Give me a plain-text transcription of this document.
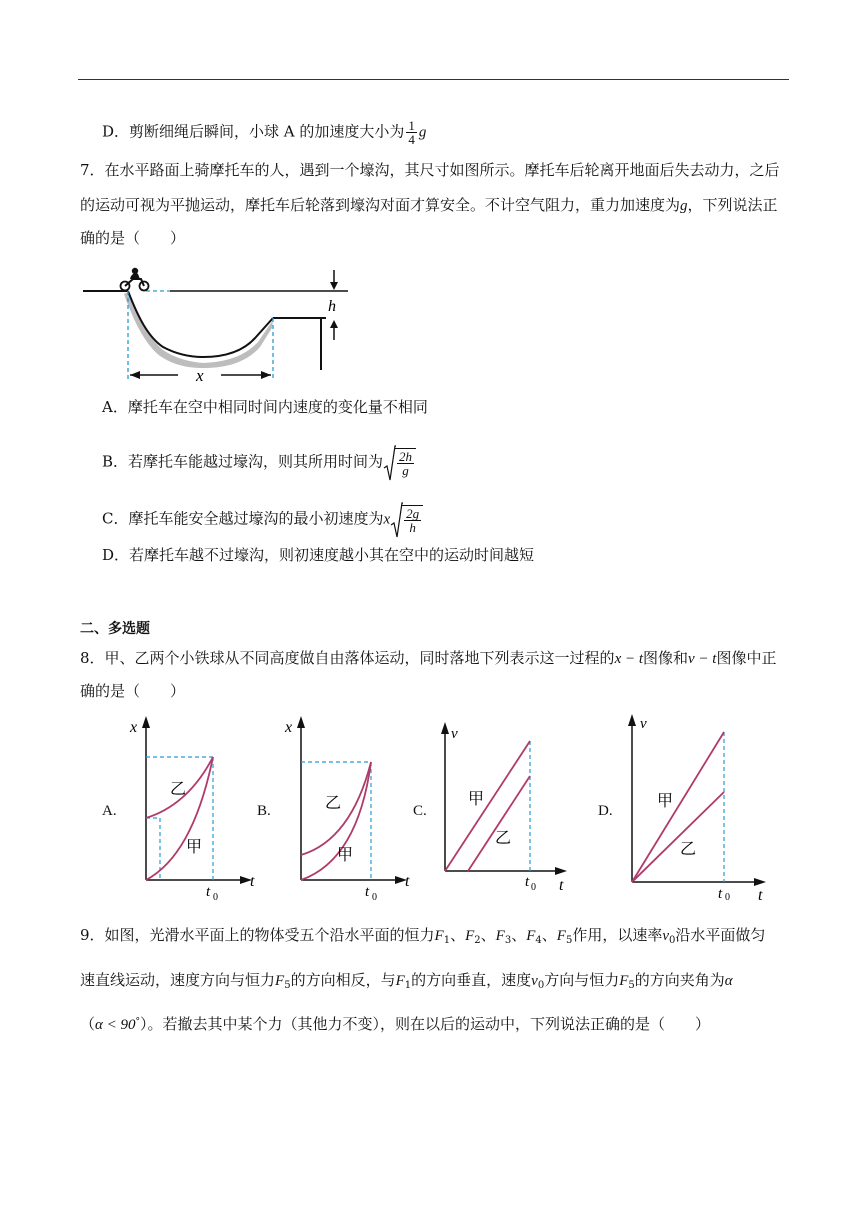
D．剪断细绳后瞬间，小球 A 的加速度大小为 $\frac{1}{4}$ g
7．在水平路面上骑摩托车的人，遇到一个壕沟，其尺寸如图所示。摩托车后轮离开地面后失去动力，之后
的运动可视为平抛运动，摩托车后轮落到壕沟对面才算安全。不计空气阻力，重力加速度为g，下列说法正
确的是（　　）
h
x
A．摩托车在空中相同时间内速度的变化量不相同
B．若摩托车能越过壕沟，则其所用时间为 $\frac{2h}{g}$
C．摩托车能安全越过壕沟的最小初速度为x $\frac{2g}{h}$
D．若摩托车越不过壕沟，则初速度越小其在空中的运动时间越短
二、多选题
8．甲、乙两个小铁球从不同高度做自由落体运动，同时落地下列表示这一过程的x − t图像和v − t图像中正
确的是（　　）
A.
x
t
t 0
乙
甲
B.
x
t
t 0
乙
甲
C.
v
t
t 0
甲
乙
D.
v
t
t 0
甲
乙
9．如图，光滑水平面上的物体受五个沿水平面的恒力$F_1$、$F_2$、$F_3$、$F_4$、$F_5$作用，以速率$v_0$沿水平面做匀
速直线运动，速度方向与恒力$F_5$的方向相反，与$F_1$的方向垂直，速度$v_0$方向与恒力$F_5$的方向夹角为α
（α < 90°）。若撤去其中某个力（其他力不变），则在以后的运动中，下列说法正确的是（　　）
